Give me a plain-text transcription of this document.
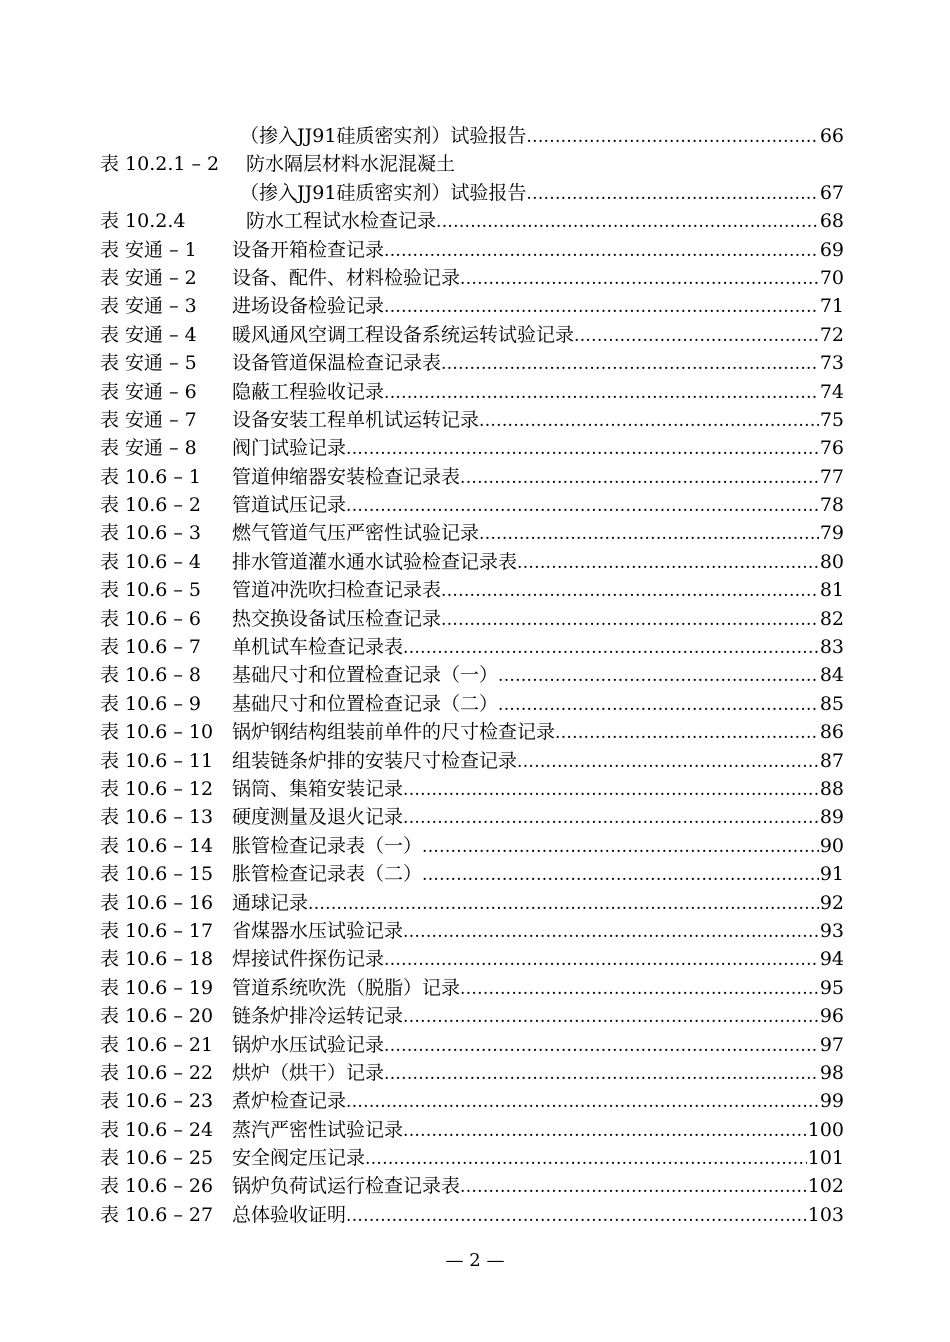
（掺入JJ91硅质密实剂）试验报告 .....	66
表 10.2.1 – 2 防水隔层材料水泥混凝土
（掺入JJ91硅质密实剂）试验报告 .....	67
表 10.2.4	防水工程试水检查记录 .....	68
表 安通 – 1 设备开箱检查记录 .....	69
表 安通 – 2 设备、配件、材料检验记录 .....	70
表 安通 – 3 进场设备检验记录 .....	71
表 安通 – 4 暖风通风空调工程设备系统运转试验记录 .....	72
表 安通 – 5 设备管道保温检查记录表 .....	73
表 安通 – 6 隐蔽工程验收记录 .....	74
表 安通 – 7 设备安装工程单机试运转记录 .....	75
表 安通 – 8 阀门试验记录 .....	76
表 10.6 – 1 管道伸缩器安装检查记录表 .....	77
表 10.6 – 2 管道试压记录 .....	78
表 10.6 – 3 燃气管道气压严密性试验记录 .....	79
表 10.6 – 4 排水管道灌水通水试验检查记录表 .....	80
表 10.6 – 5 管道冲洗吹扫检查记录表 .....	81
表 10.6 – 6 热交换设备试压检查记录 .....	82
表 10.6 – 7 单机试车检查记录表 .....	83
表 10.6 – 8 基础尺寸和位置检查记录（一） .....	84
表 10.6 – 9 基础尺寸和位置检查记录（二） .....	85
表 10.6 – 10 锅炉钢结构组装前单件的尺寸检查记录 .....	86
表 10.6 – 11 组装链条炉排的安装尺寸检查记录 .....	87
表 10.6 – 12 锅筒、集箱安装记录 .....	88
表 10.6 – 13 硬度测量及退火记录 .....	89
表 10.6 – 14 胀管检查记录表（一） .....	90
表 10.6 – 15 胀管检查记录表（二） .....	91
表 10.6 – 16 通球记录 .....	92
表 10.6 – 17 省煤器水压试验记录 .....	93
表 10.6 – 18 焊接试件探伤记录 .....	94
表 10.6 – 19 管道系统吹洗（脱脂）记录 .....	95
表 10.6 – 20 链条炉排冷运转记录 .....	96
表 10.6 – 21 锅炉水压试验记录 .....	97
表 10.6 – 22 烘炉（烘干）记录 .....	98
表 10.6 – 23 煮炉检查记录 .....	99
表 10.6 – 24 蒸汽严密性试验记录 .....	100
表 10.6 – 25 安全阀定压记录 .....	101
表 10.6 – 26 锅炉负荷试运行检查记录表 .....	102
表 10.6 – 27 总体验收证明 .....	103
— 2 —
